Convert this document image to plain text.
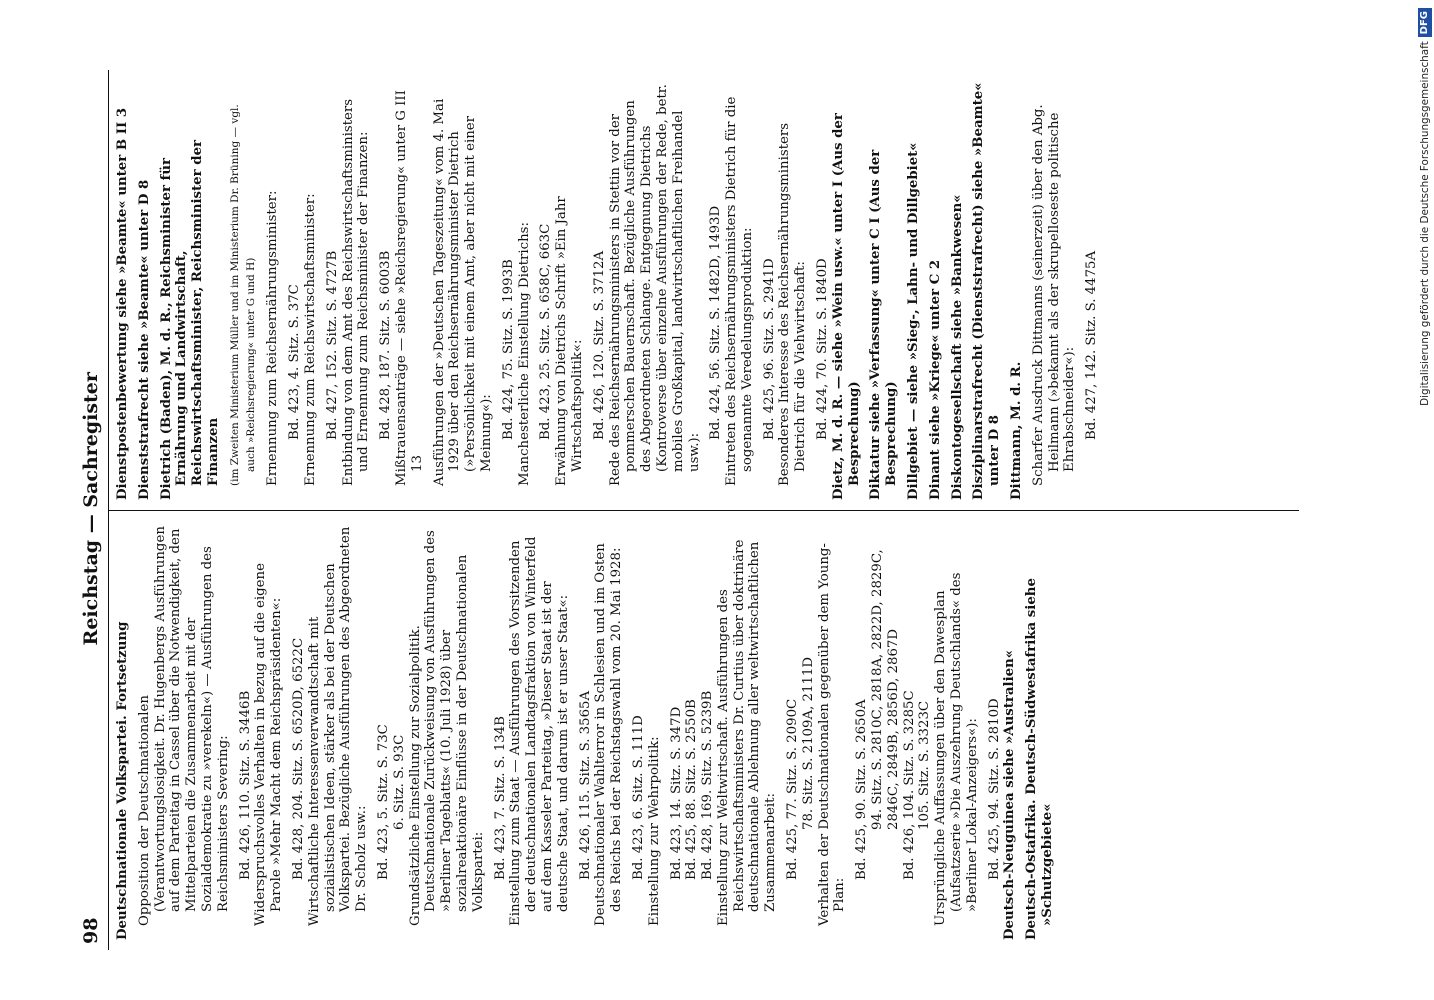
98
Reichstag — Sachregister
Deutschnationale Volkspartei. Fortsetzung Opposition der Deutschnationalen (Verantwortungslosigkeit. Dr. Hugenbergs Ausführungen auf dem Parteitag in Cassel über die Notwendigkeit, den Mittelparteien die Zusammenarbeit mit der Sozialdemokratie zu »verekeln«) — Ausführungen des Reichsministers Severing: Bd. 426, 110. Sitz. S. 3446B Widerspruchsvolles Verhalten in bezug auf die eigene Parole »Mehr Macht dem Reichspräsidenten«: Bd. 428, 204. Sitz. S. 6520D, 6522C Wirtschaftliche Interessenverwandtschaft mit sozialistischen Ideen, stärker als bei der Deutschen Volkspartei. Bezügliche Ausführungen des Abgeordneten Dr. Scholz usw.: Bd. 423, 5. Sitz. S. 73C 6. Sitz. S. 93C Grundsätzliche Einstellung zur Sozialpolitik. Deutschnationale Zurückweisung von Ausführungen des »Berliner Tageblatts« (10. Juli 1928) über sozialreaktionäre Einflüsse in der Deutschnationalen Volkspartei: Bd. 423, 7. Sitz. S. 134B Einstellung zum Staat — Ausführungen des Vorsitzenden der deutschnationalen Landtagsfraktion von Winterfeld auf dem Kasseler Parteitag, »Dieser Staat ist der deutsche Staat, und darum ist er unser Staat«: Bd. 426, 115. Sitz. S. 3565A Deutschnationaler Wahlterror in Schlesien und im Osten des Reichs bei der Reichstagswahl vom 20. Mai 1928: Bd. 423, 6. Sitz. S. 111D Einstellung zur Wehrpolitik: Bd. 423, 14. Sitz. S. 347D Bd. 425, 88. Sitz. S. 2550B Bd. 428, 169. Sitz. S. 5239B Einstellung zur Weltwirtschaft. Ausführungen des Reichswirtschaftsministers Dr. Curtius über doktrinäre deutschnationale Ablehnung aller weltwirtschaftlichen Zusammenarbeit: Bd. 425, 77. Sitz. S. 2090C 78. Sitz. S. 2109A, 2111D Verhalten der Deutschnationalen gegenüber dem Young-Plan:
Bd. 425, 90. Sitz. S. 2650A 94. Sitz. S. 2810C, 2818A, 2822D, 2829C, 2846C, 2849B, 2856D, 2867D Bd. 426, 104. Sitz. S. 3285C 105. Sitz. S. 3323C Ursprüngliche Auffassungen über den Dawesplan (Aufsatzserie »Die Auszehrung Deutschlands« des »Berliner Lokal-Anzeigers«): Bd. 425, 94. Sitz. S. 2810D Deutsch-Neuguinea siehe »Australien« Deutsch-Ostafrika. Deutsch-Südwestafrika siehe »Schutzgebiete«
Dienstpostenbewertung siehe »Beamte« unter B II 3 Dienststrafrecht siehe »Beamte« unter D 8 Dietrich (Baden), M. d. R., Reichsminister für Ernährung und Landwirtschaft, Reichswirtschaftsminister, Reichsminister der Finanzen (im Zweiten Ministerium Müller und im Ministerium Dr. Brüning — vgl. auch »Reichsregierung« unter G und H) Ernennung zum Reichsernährungsminister: Bd. 423, 4. Sitz. S. 37C Ernennung zum Reichswirtschaftsminister: Bd. 427, 152. Sitz. S. 4727B Entbindung von dem Amt des Reichswirtschaftsministers und Ernennung zum Reichsminister der Finanzen: Bd. 428, 187. Sitz. S. 6003B Mißtrauensanträge — siehe »Reichsregierung« unter G III 13 Ausführungen der »Deutschen Tageszeitung« vom 4. Mai 1929 über den Reichsernährungsminister Dietrich (»Persönlichkeit mit einem Amt, aber nicht mit einer Meinung«): Bd. 424, 75. Sitz. S. 1993B Manchesterliche Einstellung Dietrichs: Bd. 423, 25. Sitz. S. 658C, 663C Erwähnung von Dietrichs Schrift »Ein Jahr Wirtschaftspolitik«: Bd. 426, 120. Sitz. S. 3712A Rede des Reichsernährungsministers in Stettin vor der pommerschen Bauernschaft. Bezügliche Ausführungen des Abgeordneten Schlange. Entgegnung Dietrichs (Kontroverse über einzelne Ausführungen der Rede, betr. mobiles Großkapital, landwirtschaftlichen Freihandel usw.):
Bd. 424, 56. Sitz. S. 1482D, 1493D Eintreten des Reichsernährungsministers Dietrich für die sogenannte Veredelungsproduktion: Bd. 425, 96. Sitz. S. 2941D Besonderes Interesse des Reichsernährungsministers Dietrich für die Viehwirtschaft: Bd. 424, 70. Sitz. S. 1840D Dietz, M. d. R. — siehe »Wein usw.« unter I (Aus der Besprechung) Diktatur siehe »Verfassung« unter C I (Aus der Besprechung) Dillgebiet — siehe »Sieg-, Lahn- und Dillgebiet« Dinant siehe »Kriege« unter C 2 Diskontogesellschaft siehe »Bankwesen« Disziplinarstrafrecht (Dienststrafrecht) siehe »Beamte« unter D 8 Dittmann, M. d. R. Scharfer Ausdruck Dittmanns (seinerzeit) über den Abg. Heilmann (»bekannt als der skrupelloseste politische Ehrabschneider«): Bd. 427, 142. Sitz. S. 4475A	Digitalisierung gefördert durch die Deutsche Forschungsgemeinschaft
DFG
